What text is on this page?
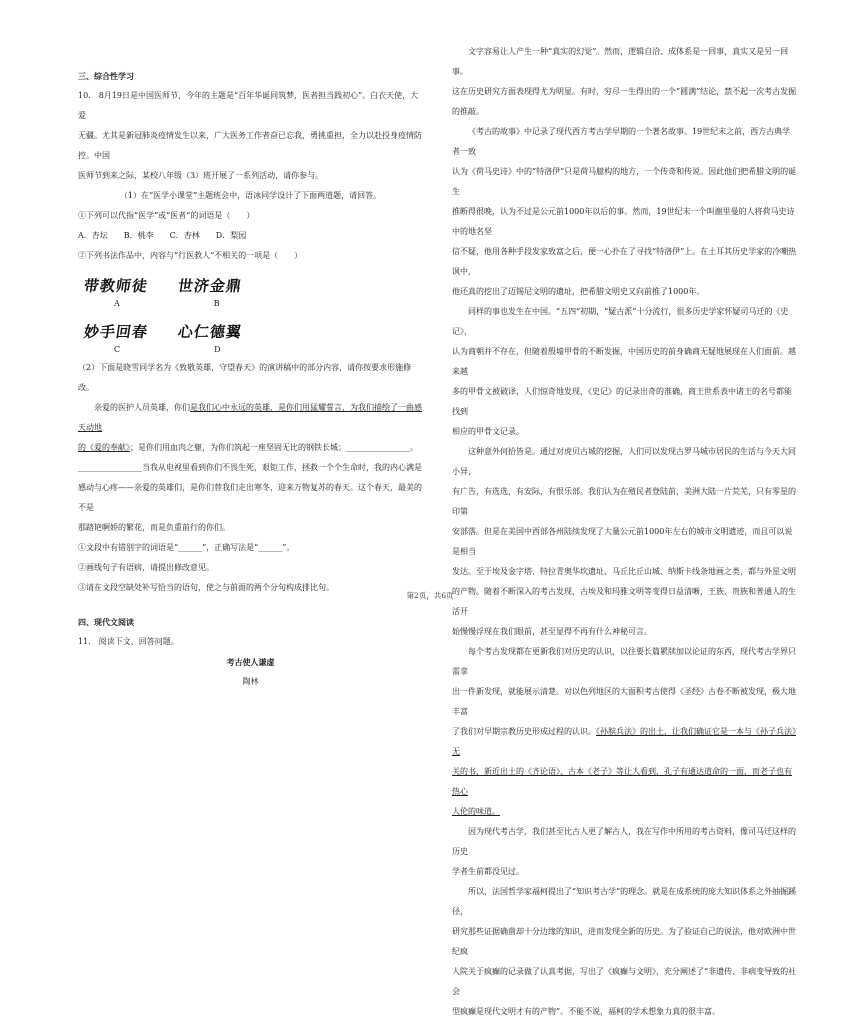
三、综合性学习

10.　8月19日是中国医师节，今年的主题是“百年华诞同筑梦，医者担当践初心”。白衣天使，大爱

无疆。尤其是新冠肺炎疫情发生以来，广大医务工作者奋已忘我，勇挑重担，全力以赴投身疫情防控。中国

医师节到来之际，某校八年级（3）班开展了一系列活动，请你参与。

（1）在“医学小课堂”主题班会中，语冰同学设计了下面两道题，请回答。

①下列可以代指“医学”或“医者”的词语是（　　）

A．杏坛　　B．桃李　　C．杏林　　D．梨园

②下列书法作品中，内容与“行医救人”不相关的一项是（　　）

带教师徒 世济金鼎
A	B
妙手回春 心仁德翼
C	D

（2）下面是晓雪同学名为《致敬英雄，守望春天》的演讲稿中的部分内容，请你按要求形施修改。

亲爱的医护人员英雄，你们是我们心中永远的英雄，是你们用猛耀誓言，为我们描绘了一曲感天动地

的《爱的奉献》；是你们用血肉之躯，为你们筑起一座坚固无比的钢铁长城；________________。

________________当我从电视里看到你们不畏生死，艰钜工作，拯救一个个生命时，我的内心满是

感动与心疼——亲爱的英雄们，是你们替我们走出寒冬，迎来万物复苏的春天。这个春天，最美的不是

那踏艳啊娇的繁花，而是负重前行的你们。

①文段中有错别字的词语是“______”，正确写法是“______”。

②画线句子有语病，请提出修改意见。

③请在文段空缺处补写恰当的语句，使之与前面的两个分句构成排比句。

四、现代文阅读

11.　阅读下文，回答问题。

考古使人谦虚

陶林

文字容易让人产生一种“真实的幻觉”。然而，逻辑自洽、成体系是一回事，真实又是另一回事。

这在历史研究方面表现得尤为明显。有时，穷尽一生得出的一个“圆满”结论，禁不起一次考古发掘

的推敲。

《考古的故事》中记录了现代西方考古学早期的一个著名故事。19世纪末之前，西方古典学者一致

认为《荷马史诗》中的“特洛伊”只是荷马臆构的地方，一个传奇和传说。因此他们把希腊文明的诞生

推断得很晚，认为不过是公元前1000年以后的事。然而，19世纪末一个叫谢里曼的人将荷马史诗中的地名坚

信不疑，他用各种手段发家致富之后，便一心扑在了寻找“特洛伊”上。在土耳其历史学家的冷嘲热讽中，

他还真的挖出了迈锡尼文明的遗址，把希腊文明史又向前推了1000年。

同样的事也发生在中国。“五四”初期，“疑古派”十分流行，很多历史学家怀疑司马迁的《史记》，

认为商朝并不存在，但随着殷墟甲骨的不断发掘，中国历史的前身确商无疑地展现在人们面前。越来越

多的甲骨文被破译，人们惊奇地发现，《史记》的记录出奇的准确，商王世系表中诸王的名号都能找到

相应的甲骨文记录。

这种意外何拾皆是。通过对虎贝古城的挖掘，人们可以发现古罗马城市居民的生活与今天大同小异，

有广告，有选选，有安际，有恨乐部。我们认为在殖民者登陆前，美洲大陆一片荒芜，只有零星的印第

安部落。但是在美国中西部各州陆续发现了大量公元前1000年左右的城市文明遗迹，而且可以说是相当

发达。至于埃及金字塔、特拉青奥华坎遗址、马丘比丘山城、纳斯卡线条地画之类，都与外星文明

的产物。随着不断深入的考古发现，古埃及和玛雅文明等变得日益清晰，王族、贵族和普通人的生活开

始慢慢浮现在我们眼前，甚至显得不再有什么神秘可言。

每个考古发现都在更新我们对历史的认识，以往要长篇累牍加以论证的东西，现代考古学界只需拿

出一件新发现，就能展示清楚。对以色列地区的大面积考古使得《圣经》古卷不断被发现，极大地丰富

了我们对早期宗教历史形成过程的认识。《孙膑兵法》的出土，让我们确证它是一本与《孙子兵法》无

关的书，新近出土的《齐论语》、古本《老子》等让人看到，孔子有通达道命的一面，而老子也有热心

人伦的味道。

因为现代考古学，我们甚至比古人更了解古人，我在写作中所用的考古资料，像司马迁这样的历史

学者生前都没见过。

所以，法国哲学家福柯提出了“知识考古学”的理念。就是在成系统的庞大知识体系之外抽掘蹊径，

研究那些证据确凿却十分边缘的知识，进而发现全新的历史。为了验证自己的说法，他对欧洲中世纪疯

人院关于疯癫的记录做了认真考据，写出了《疯癫与文明》，充分阐述了“非遗传、非病变导致的社会

型疯癫是现代文明才有的产物”。不能不说，福柯的学术想象力真的很丰富。

第2页，共6页
